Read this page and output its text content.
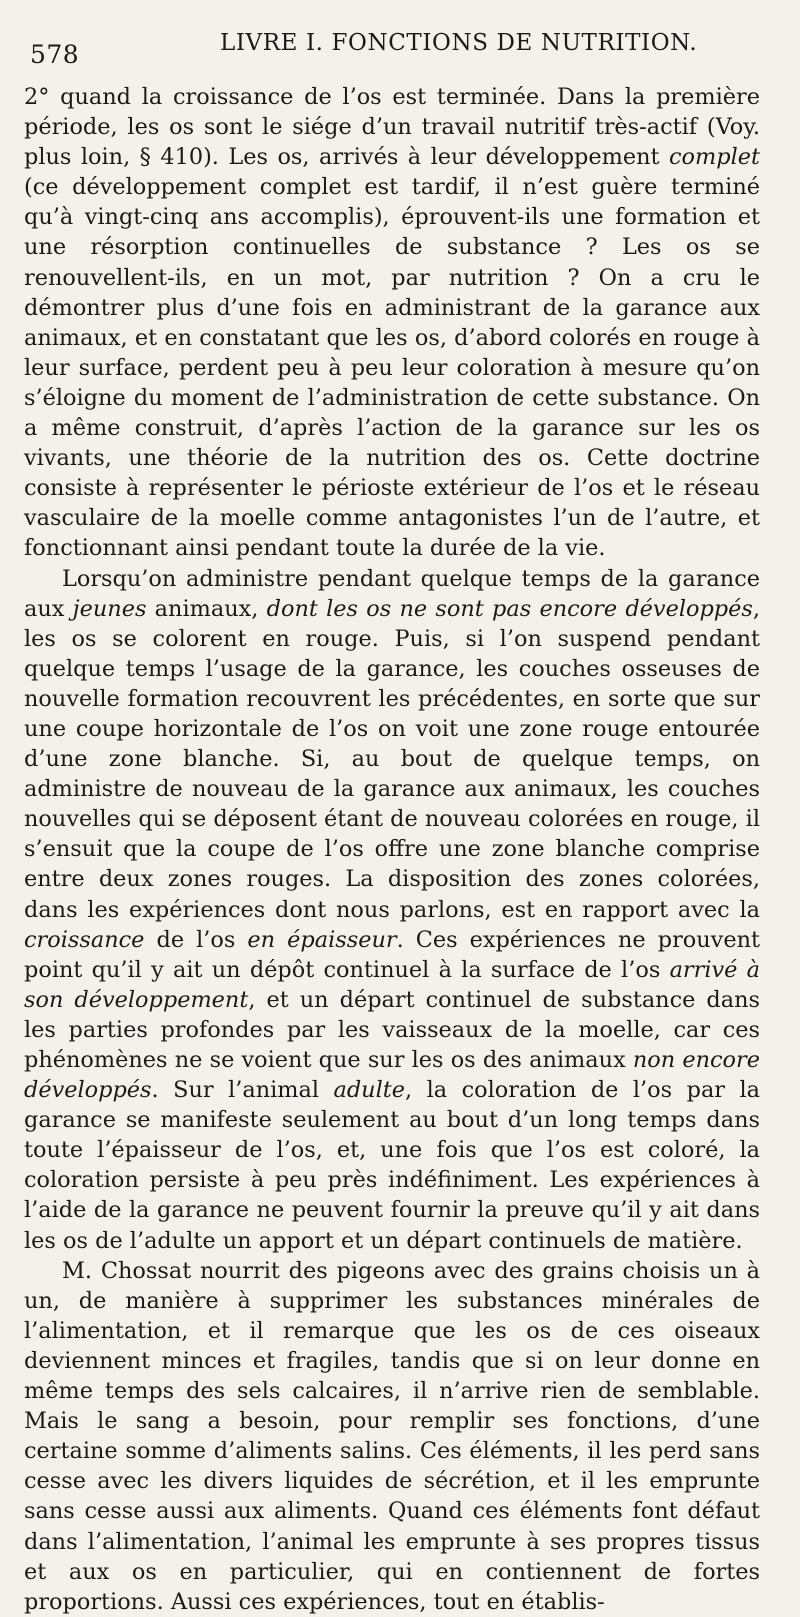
578	LIVRE I. FONCTIONS DE NUTRITION.

2° quand la croissance de l’os est terminée. Dans la première période, les os sont le siége d’un travail nutritif très-actif (Voy. plus loin, § 410). Les os, arrivés à leur développement complet (ce développement complet est tardif, il n’est guère terminé qu’à vingt-cinq ans accomplis), éprouvent-ils une formation et une résorption continuelles de substance ? Les os se renouvellent-ils, en un mot, par nutrition ? On a cru le démontrer plus d’une fois en administrant de la garance aux animaux, et en constatant que les os, d’abord colorés en rouge à leur surface, perdent peu à peu leur coloration à mesure qu’on s’éloigne du moment de l’administration de cette substance. On a même construit, d’après l’action de la garance sur les os vivants, une théorie de la nutrition des os. Cette doctrine consiste à représenter le périoste extérieur de l’os et le réseau vasculaire de la moelle comme antagonistes l’un de l’autre, et fonctionnant ainsi pendant toute la durée de la vie.

Lorsqu’on administre pendant quelque temps de la garance aux jeunes animaux, dont les os ne sont pas encore développés, les os se colorent en rouge. Puis, si l’on suspend pendant quelque temps l’usage de la garance, les couches osseuses de nouvelle formation recouvrent les précédentes, en sorte que sur une coupe horizontale de l’os on voit une zone rouge entourée d’une zone blanche. Si, au bout de quelque temps, on administre de nouveau de la garance aux animaux, les couches nouvelles qui se déposent étant de nouveau colorées en rouge, il s’ensuit que la coupe de l’os offre une zone blanche comprise entre deux zones rouges. La disposition des zones colorées, dans les expériences dont nous parlons, est en rapport avec la croissance de l’os en épaisseur. Ces expériences ne prouvent point qu’il y ait un dépôt continuel à la surface de l’os arrivé à son développement, et un départ continuel de substance dans les parties profondes par les vaisseaux de la moelle, car ces phénomènes ne se voient que sur les os des animaux non encore développés. Sur l’animal adulte, la coloration de l’os par la garance se manifeste seulement au bout d’un long temps dans toute l’épaisseur de l’os, et, une fois que l’os est coloré, la coloration persiste à peu près indéfiniment. Les expériences à l’aide de la garance ne peuvent fournir la preuve qu’il y ait dans les os de l’adulte un apport et un départ continuels de matière.

M. Chossat nourrit des pigeons avec des grains choisis un à un, de manière à supprimer les substances minérales de l’alimentation, et il remarque que les os de ces oiseaux deviennent minces et fragiles, tandis que si on leur donne en même temps des sels calcaires, il n’arrive rien de semblable. Mais le sang a besoin, pour remplir ses fonctions, d’une certaine somme d’aliments salins. Ces éléments, il les perd sans cesse avec les divers liquides de sécrétion, et il les emprunte sans cesse aussi aux aliments. Quand ces éléments font défaut dans l’alimentation, l’animal les emprunte à ses propres tissus et aux os en particulier, qui en contiennent de fortes proportions. Aussi ces expériences, tout en établis-
